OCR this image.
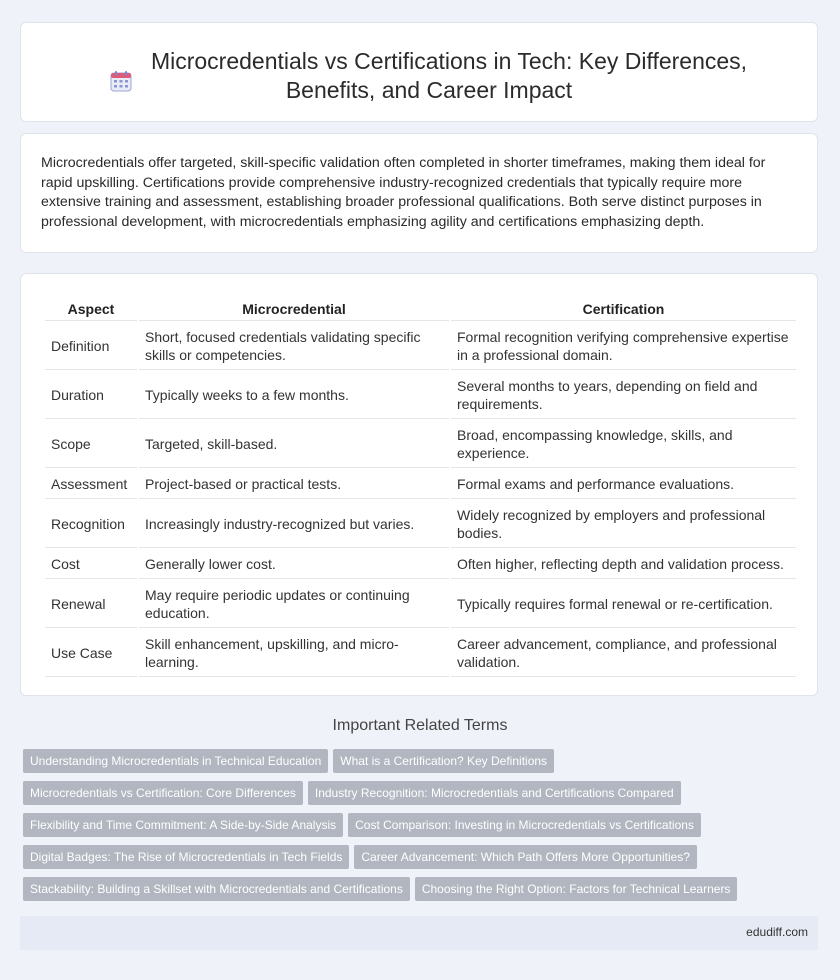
Microcredentials vs Certifications in Tech: Key Differences,
Benefits, and Career Impact

Microcredentials offer targeted, skill-specific validation often completed in shorter timeframes, making them ideal for rapid upskilling. Certifications provide comprehensive industry-recognized credentials that typically require more extensive training and assessment, establishing broader professional qualifications. Both serve distinct purposes in professional development, with microcredentials emphasizing agility and certifications emphasizing depth.

Aspect	Microcredential	Certification
Definition	Short, focused credentials validating specific skills or competencies.	Formal recognition verifying comprehensive expertise in a professional domain.
Duration	Typically weeks to a few months.	Several months to years, depending on field and requirements.
Scope	Targeted, skill-based.	Broad, encompassing knowledge, skills, and experience.
Assessment	Project-based or practical tests.	Formal exams and performance evaluations.
Recognition	Increasingly industry-recognized but varies.	Widely recognized by employers and professional bodies.
Cost	Generally lower cost.	Often higher, reflecting depth and validation process.
Renewal	May require periodic updates or continuing education.	Typically requires formal renewal or re-certification.
Use Case	Skill enhancement, upskilling, and micro-learning.	Career advancement, compliance, and professional validation.
Important Related Terms
Understanding Microcredentials in Technical Education What is a Certification? Key Definitions
Microcredentials vs Certification: Core Differences Industry Recognition: Microcredentials and Certifications Compared
Flexibility and Time Commitment: A Side-by-Side Analysis Cost Comparison: Investing in Microcredentials vs Certifications
Digital Badges: The Rise of Microcredentials in Tech Fields Career Advancement: Which Path Offers More Opportunities?
Stackability: Building a Skillset with Microcredentials and Certifications Choosing the Right Option: Factors for Technical Learners
edudiff.com
